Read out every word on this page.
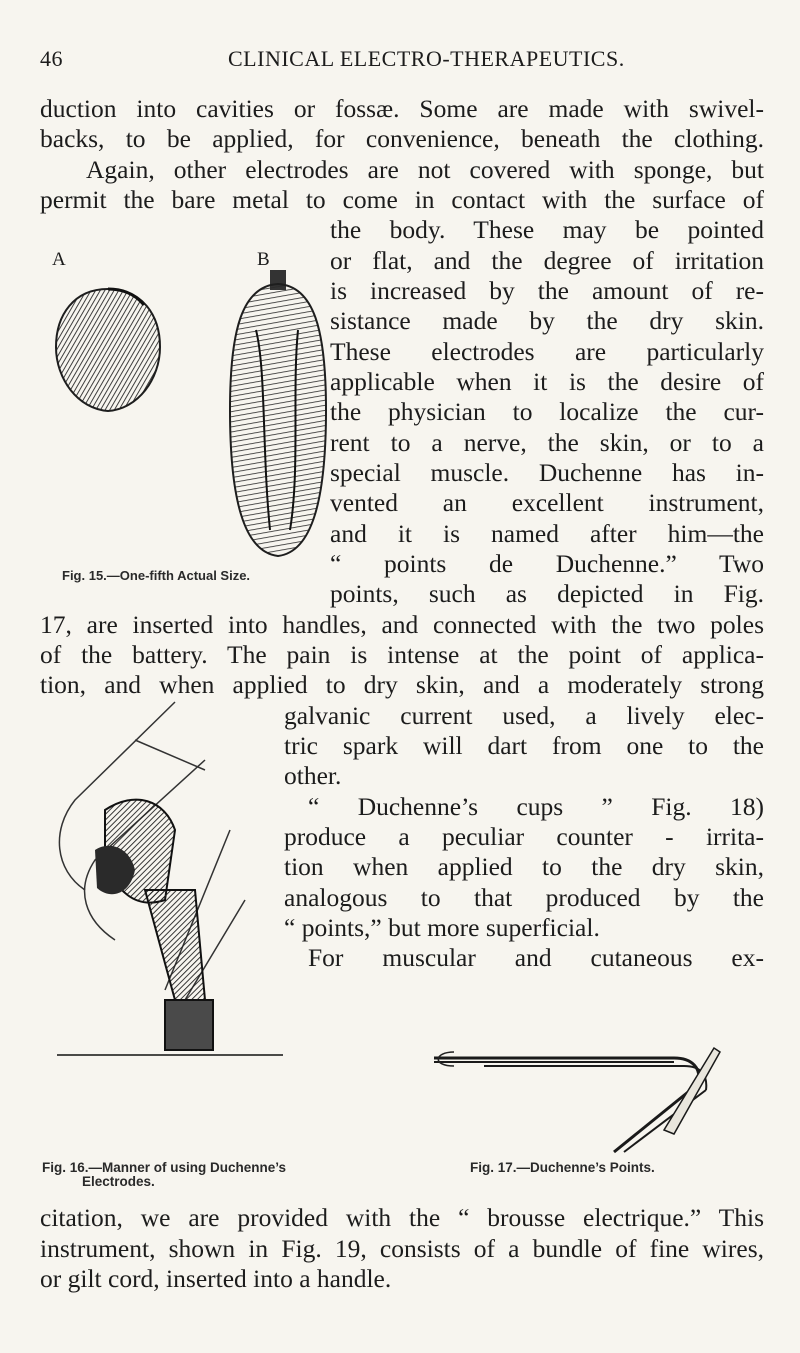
46	CLINICAL ELECTRO-THERAPEUTICS.
duction into cavities or fossæ. Some are made with swivel-
backs, to be applied, for convenience, beneath the clothing.
Again, other electrodes are not covered with sponge, but
permit the bare metal to come in contact with the surface of
the body. These may be pointed
or flat, and the degree of irritation
is increased by the amount of re-
sistance made by the dry skin.
These electrodes are particularly
applicable when it is the desire of
the physician to localize the cur-
rent to a nerve, the skin, or to a
special muscle. Duchenne has in-
vented an excellent instrument,
and it is named after him—the
“ points de Duchenne.” Two
points, such as depicted in Fig.
17, are inserted into handles, and connected with the two poles
of the battery. The pain is intense at the point of applica-
tion, and when applied to dry skin, and a moderately strong
galvanic current used, a lively elec-
tric spark will dart from one to the
other.
“ Duchenne’s cups ” Fig. 18)
produce a peculiar counter - irrita-
tion when applied to the dry skin,
analogous to that produced by the
“ points,” but more superficial.
For muscular and cutaneous ex-
citation, we are provided with the “ brousse electrique.” This
instrument, shown in Fig. 19, consists of a bundle of fine wires,
or gilt cord, inserted into a handle.
A	B
Fig. 15.—One-fifth Actual Size.
Fig. 16.—Manner of using Duchenne’s
Electrodes.
Fig. 17.—Duchenne’s Points.
